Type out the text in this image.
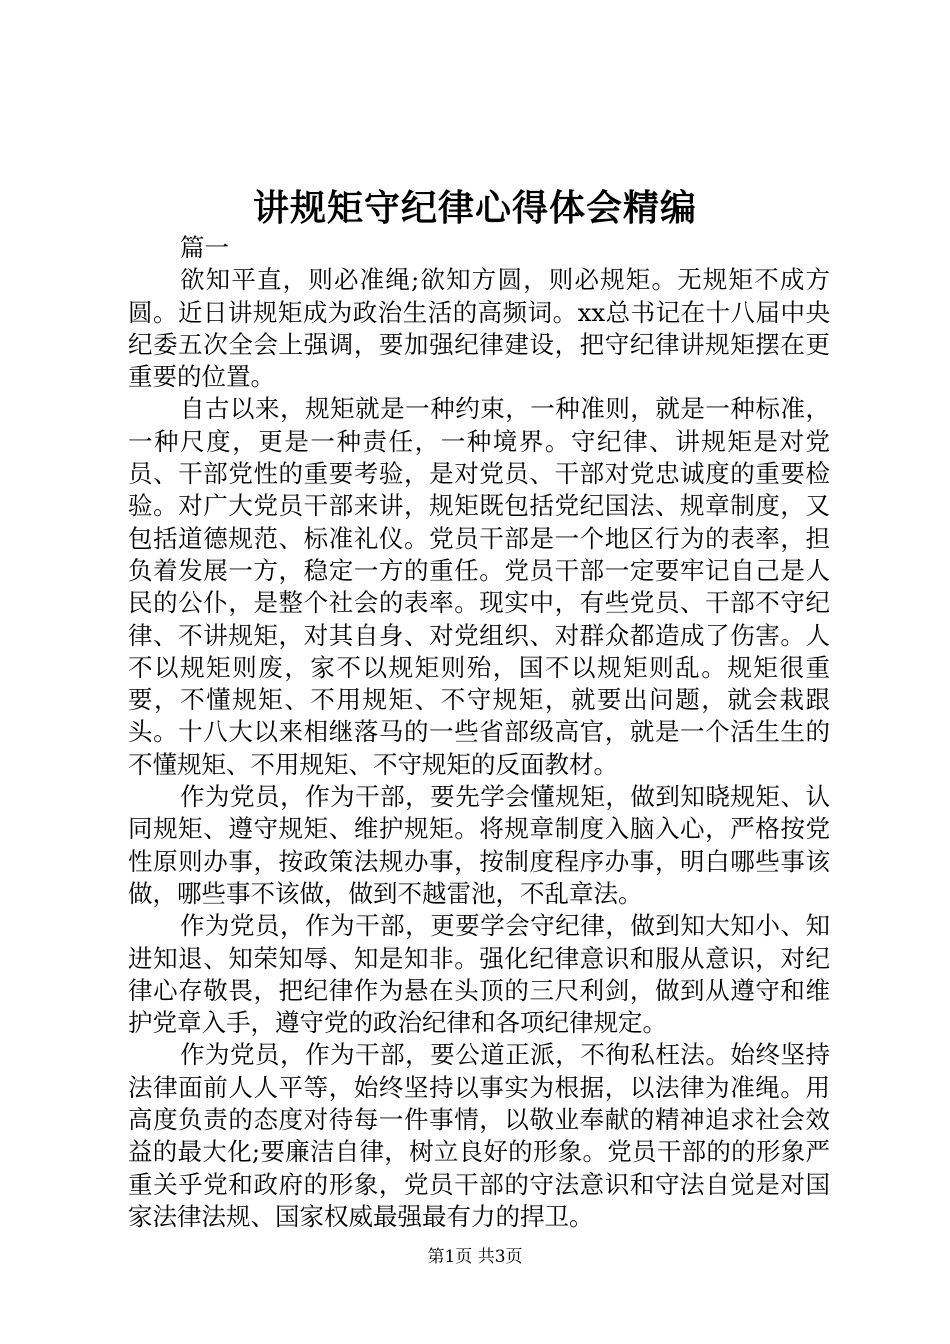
讲规矩守纪律心得体会精编

篇一

欲知平直，则必准绳;欲知方圆，则必规矩。无规矩不成方圆。近日讲规矩成为政治生活的高频词。xx总书记在十八届中央纪委五次全会上强调，要加强纪律建设，把守纪律讲规矩摆在更重要的位置。

自古以来，规矩就是一种约束，一种准则，就是一种标准，一种尺度，更是一种责任，一种境界。守纪律、讲规矩是对党员、干部党性的重要考验，是对党员、干部对党忠诚度的重要检验。对广大党员干部来讲，规矩既包括党纪国法、规章制度，又包括道德规范、标准礼仪。党员干部是一个地区行为的表率，担负着发展一方，稳定一方的重任。党员干部一定要牢记自己是人民的公仆，是整个社会的表率。现实中，有些党员、干部不守纪律、不讲规矩，对其自身、对党组织、对群众都造成了伤害。人不以规矩则废，家不以规矩则殆，国不以规矩则乱。规矩很重要，不懂规矩、不用规矩、不守规矩，就要出问题，就会栽跟头。十八大以来相继落马的一些省部级高官，就是一个活生生的不懂规矩、不用规矩、不守规矩的反面教材。

作为党员，作为干部，要先学会懂规矩，做到知晓规矩、认同规矩、遵守规矩、维护规矩。将规章制度入脑入心，严格按党性原则办事，按政策法规办事，按制度程序办事，明白哪些事该做，哪些事不该做，做到不越雷池，不乱章法。

作为党员，作为干部，更要学会守纪律，做到知大知小、知进知退、知荣知辱、知是知非。强化纪律意识和服从意识，对纪律心存敬畏，把纪律作为悬在头顶的三尺利剑，做到从遵守和维护党章入手，遵守党的政治纪律和各项纪律规定。

作为党员，作为干部，要公道正派，不徇私枉法。始终坚持法律面前人人平等，始终坚持以事实为根据，以法律为准绳。用高度负责的态度对待每一件事情，以敬业奉献的精神追求社会效益的最大化;要廉洁自律，树立良好的形象。党员干部的的形象严重关乎党和政府的形象，党员干部的守法意识和守法自觉是对国家法律法规、国家权威最强最有力的捍卫。

第1页 共3页
